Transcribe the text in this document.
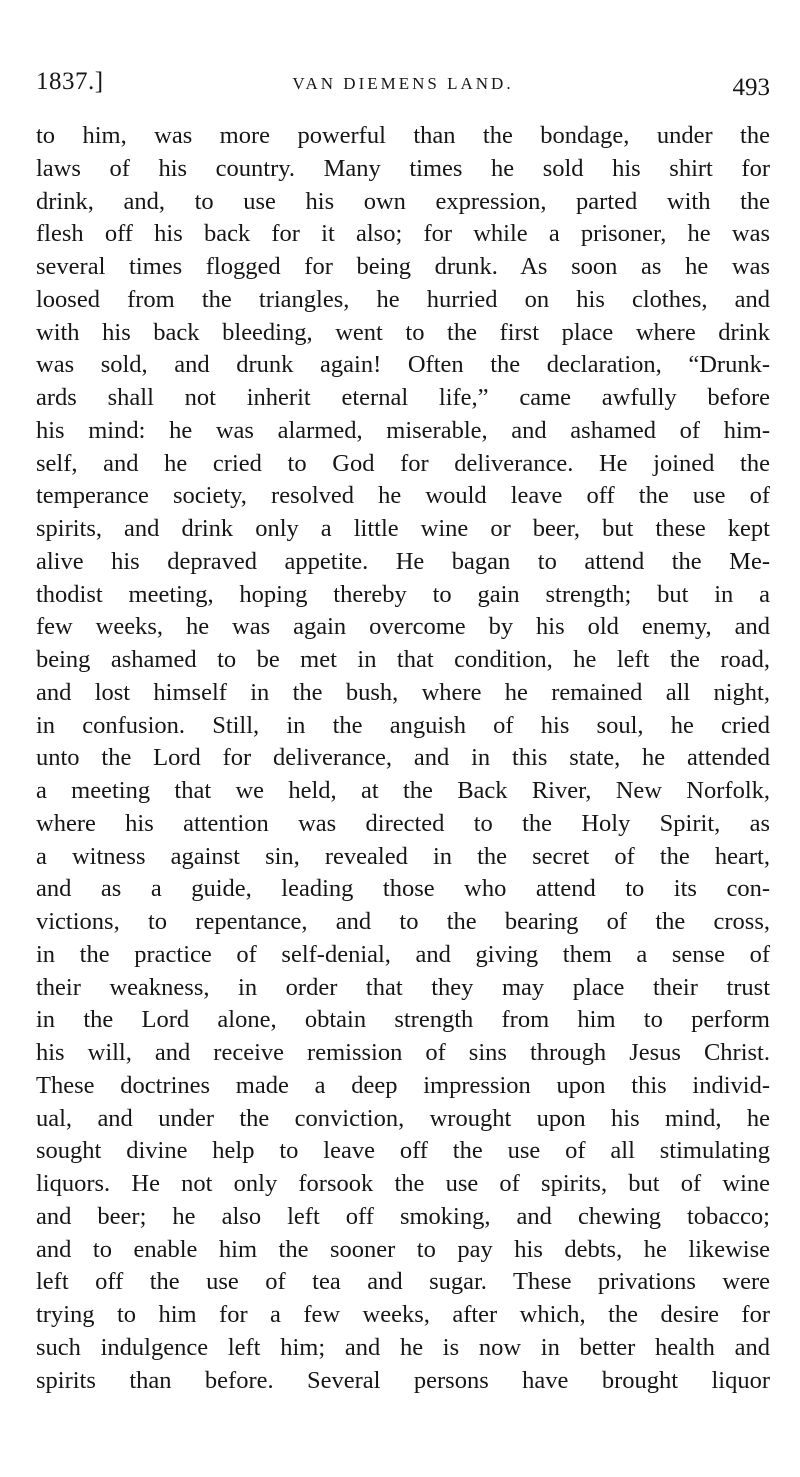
1837.]	VAN DIEMENS LAND.	493
to him, was more powerful than the bondage, under the
laws of his country. Many times he sold his shirt for
drink, and, to use his own expression, parted with the
flesh off his back for it also; for while a prisoner, he was
several times flogged for being drunk. As soon as he was
loosed from the triangles, he hurried on his clothes, and
with his back bleeding, went to the first place where drink
was sold, and drunk again! Often the declaration, “Drunk-
ards shall not inherit eternal life,” came awfully before
his mind: he was alarmed, miserable, and ashamed of him-
self, and he cried to God for deliverance. He joined the
temperance society, resolved he would leave off the use of
spirits, and drink only a little wine or beer, but these kept
alive his depraved appetite. He bagan to attend the Me-
thodist meeting, hoping thereby to gain strength; but in a
few weeks, he was again overcome by his old enemy, and
being ashamed to be met in that condition, he left the road,
and lost himself in the bush, where he remained all night,
in confusion. Still, in the anguish of his soul, he cried
unto the Lord for deliverance, and in this state, he attended
a meeting that we held, at the Back River, New Norfolk,
where his attention was directed to the Holy Spirit, as
a witness against sin, revealed in the secret of the heart,
and as a guide, leading those who attend to its con-
victions, to repentance, and to the bearing of the cross,
in the practice of self-denial, and giving them a sense of
their weakness, in order that they may place their trust
in the Lord alone, obtain strength from him to perform
his will, and receive remission of sins through Jesus Christ.
These doctrines made a deep impression upon this individ-
ual, and under the conviction, wrought upon his mind, he
sought divine help to leave off the use of all stimulating
liquors. He not only forsook the use of spirits, but of wine
and beer; he also left off smoking, and chewing tobacco;
and to enable him the sooner to pay his debts, he likewise
left off the use of tea and sugar. These privations were
trying to him for a few weeks, after which, the desire for
such indulgence left him; and he is now in better health and
spirits than before. Several persons have brought liquor
